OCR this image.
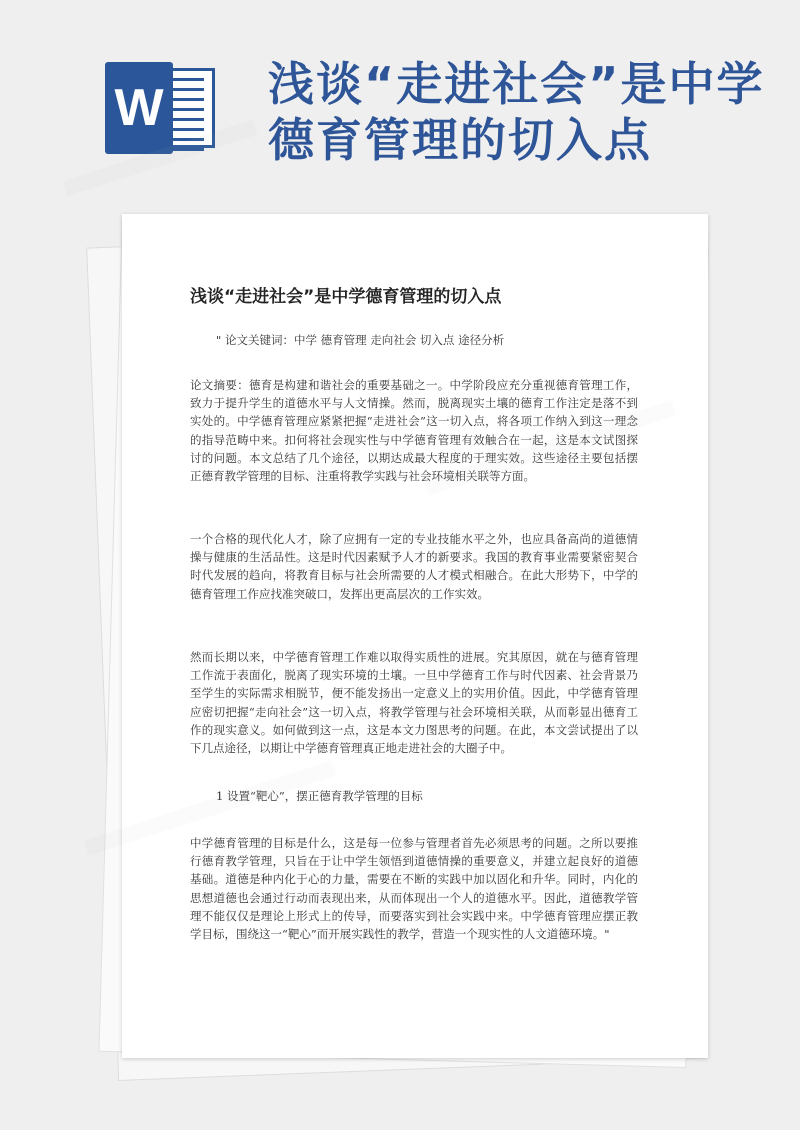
W 浅谈“走进社会”是中学德育管理的切入点
浅谈“走进社会”是中学德育管理的切入点
" 论文关键词：中学 德育管理 走向社会 切入点 途径分析

论文摘要：德育是构建和谐社会的重要基础之一。中学阶段应充分重视德育管理工作，致力于提升学生的道德水平与人文情操。然而，脱离现实土壤的德育工作注定是落不到实处的。中学德育管理应紧紧把握“走进社会”这一切入点，将各项工作纳入到这一理念的指导范畴中来。扣何将社会现实性与中学德育管理有效触合在一起，这是本文试图探讨的问题。本文总结了几个途径，以期达成最大程度的于理实效。这些途径主要包括摆正德育教学管理的目标、注重将教学实践与社会环境相关联等方面。

一个合格的现代化人才，除了应拥有一定的专业技能水平之外，也应具备高尚的道德情操与健康的生活品性。这是时代因素赋予人才的新要求。我国的教育事业需要紧密契合时代发展的趋向，将教育目标与社会所需要的人才模式相融合。在此大形势下，中学的德育管理工作应找准突破口，发挥出更高层次的工作实效。

然而长期以来，中学德育管理工作难以取得实质性的进展。究其原因，就在与德育管理工作流于表面化，脱离了现实环境的土壤。一旦中学德育工作与时代因素、社会背景乃至学生的实际需求相脱节，便不能发扬出一定意义上的实用价值。因此，中学德育管理应密切把握“走向社会”这一切入点，将教学管理与社会环境相关联，从而彰显出德育工作的现实意义。如何做到这一点，这是本文力图思考的问题。在此，本文尝试提出了以下几点途径，以期让中学德育管理真正地走进社会的大圈子中。

1 设置“靶心”，摆正德育教学管理的目标

中学德育管理的目标是什么，这是每一位参与管理者首先必须思考的问题。之所以要推行德育教学管理，只旨在于让中学生领悟到道德情操的重要意义，并建立起良好的道德基础。道德是种内化于心的力量，需要在不断的实践中加以固化和升华。同时，内化的思想道德也会通过行动而表现出来，从而体现出一个人的道德水平。因此，道德教学管理不能仅仅是理论上形式上的传导，而要落实到社会实践中来。中学德育管理应摆正教学目标，围绕这一“靶心”而开展实践性的教学，营造一个现实性的人文道德环境。"
